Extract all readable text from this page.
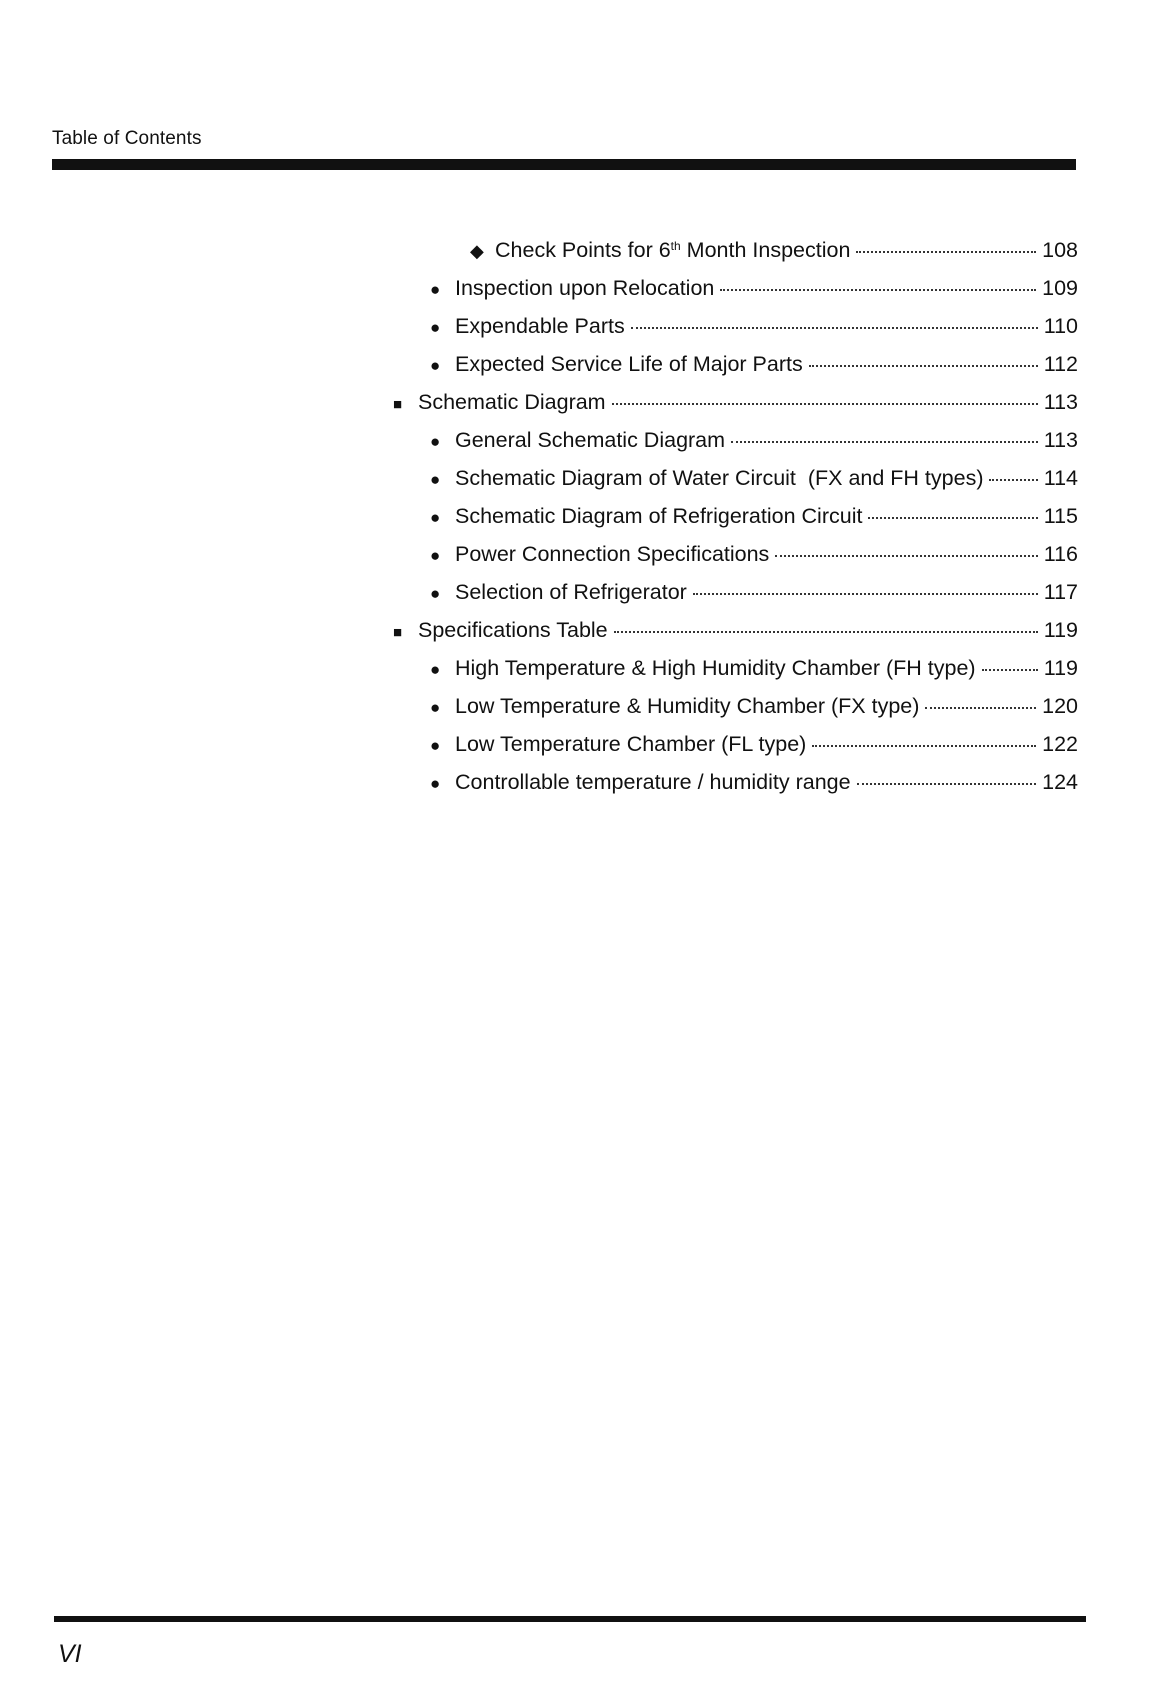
Table of Contents
◆
Check Points for 6th Month Inspection	108
●
Inspection upon Relocation	109
●
Expendable Parts	110
●
Expected Service Life of Major Parts	112
■
Schematic Diagram	113
●
General Schematic Diagram	113
●
Schematic Diagram of Water Circuit  (FX and FH types)	114
●
Schematic Diagram of Refrigeration Circuit	115
●
Power Connection Specifications	116
●
Selection of Refrigerator	117
■
Specifications Table	119
●
High Temperature & High Humidity Chamber (FH type)	119
●
Low Temperature & Humidity Chamber (FX type)	120
●
Low Temperature Chamber (FL type)	122
●
Controllable temperature / humidity range	124
VI
